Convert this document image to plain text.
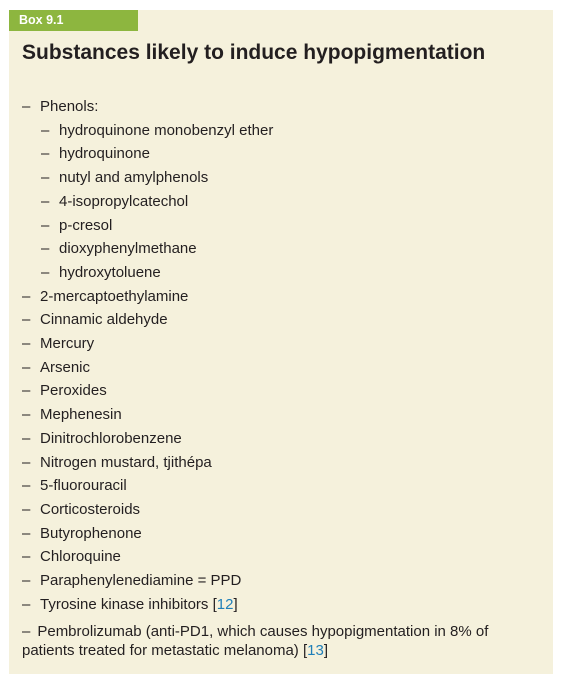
Box 9.1
Substances likely to induce hypopigmentation
– Phenols:
– hydroquinone monobenzyl ether
– hydroquinone
– nutyl and amylphenols
– 4-isopropylcatechol
– p-cresol
– dioxyphenylmethane
– hydroxytoluene
– 2-mercaptoethylamine
– Cinnamic aldehyde
– Mercury
– Arsenic
– Peroxides
– Mephenesin
– Dinitrochlorobenzene
– Nitrogen mustard, tjithépa
– 5-fluorouracil
– Corticosteroids
– Butyrophenone
– Chloroquine
– Paraphenylenediamine = PPD
– Tyrosine kinase inhibitors [12]
– Pembrolizumab (anti-PD1, which causes hypopigmentation in 8% of patients treated for metastatic melanoma) [13]
